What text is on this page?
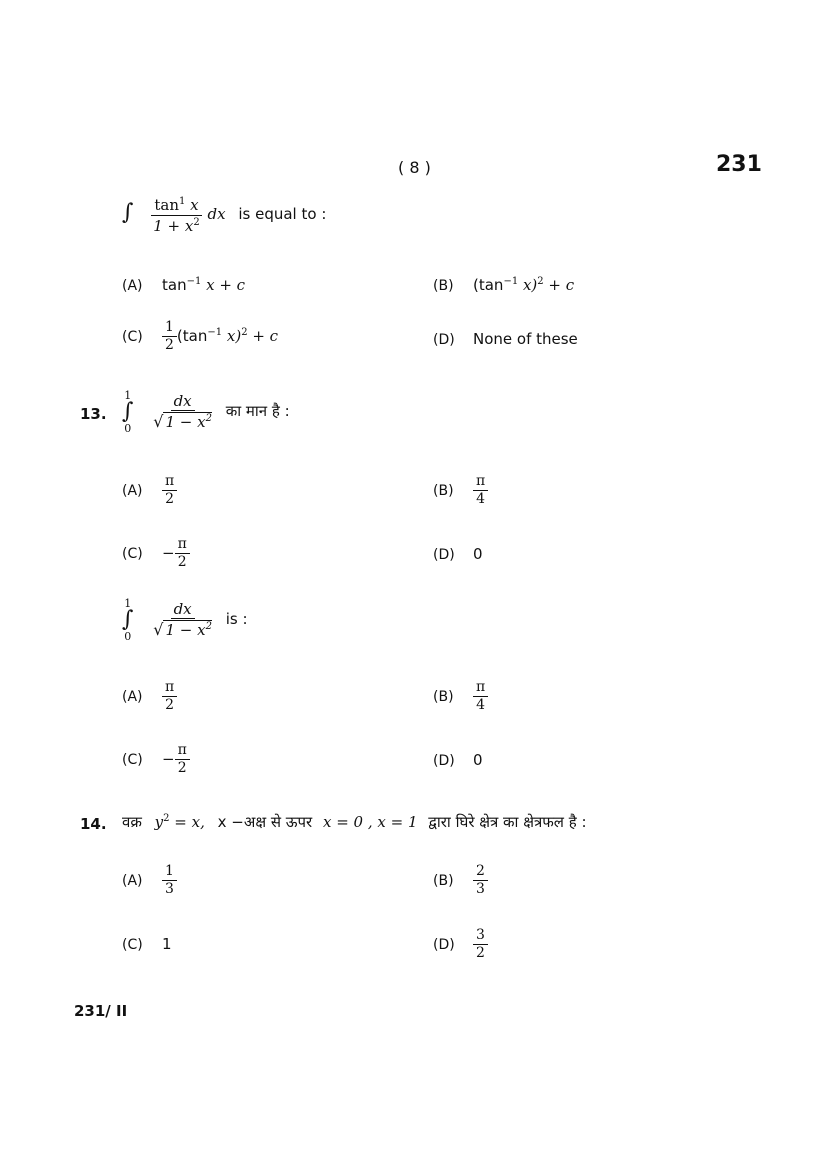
( 8 )	231
∫ $\frac{\tan^1 x}{1 + x^2}$ dx is equal to :
(A) $\tan^{-1} x + c$	(B) ($\tan^{-1}$ x)$^2$ + c
$(C) \frac{1}{2} (\tan^{-1}$ x)$^2$ + c	(D) None of these
13.
1
∫
0
$\frac{dx}{√ 1 - x^2}$ का मान है :
$(A) \frac{\pi}{2}$	$(B) \frac{\pi}{4}$
$(C) - \frac{\pi}{2}$	(D) 0
1
∫
0
$\frac{dx}{√ 1 - x^2}$ is :
$(A) \frac{\pi}{2}$	$(B) \frac{\pi}{4}$
$(C) - \frac{\pi}{2}$	(D) 0
14. वक्र $y^2 = x$, x −अक्ष से ऊपर x = 0 , x = 1 द्वारा घिरे क्षेत्र का क्षेत्रफल है :
$(A) \frac{1}{3}$	$(B) \frac{2}{3}$
(C) 1	$(D) \frac{3}{2}$
231/ II
